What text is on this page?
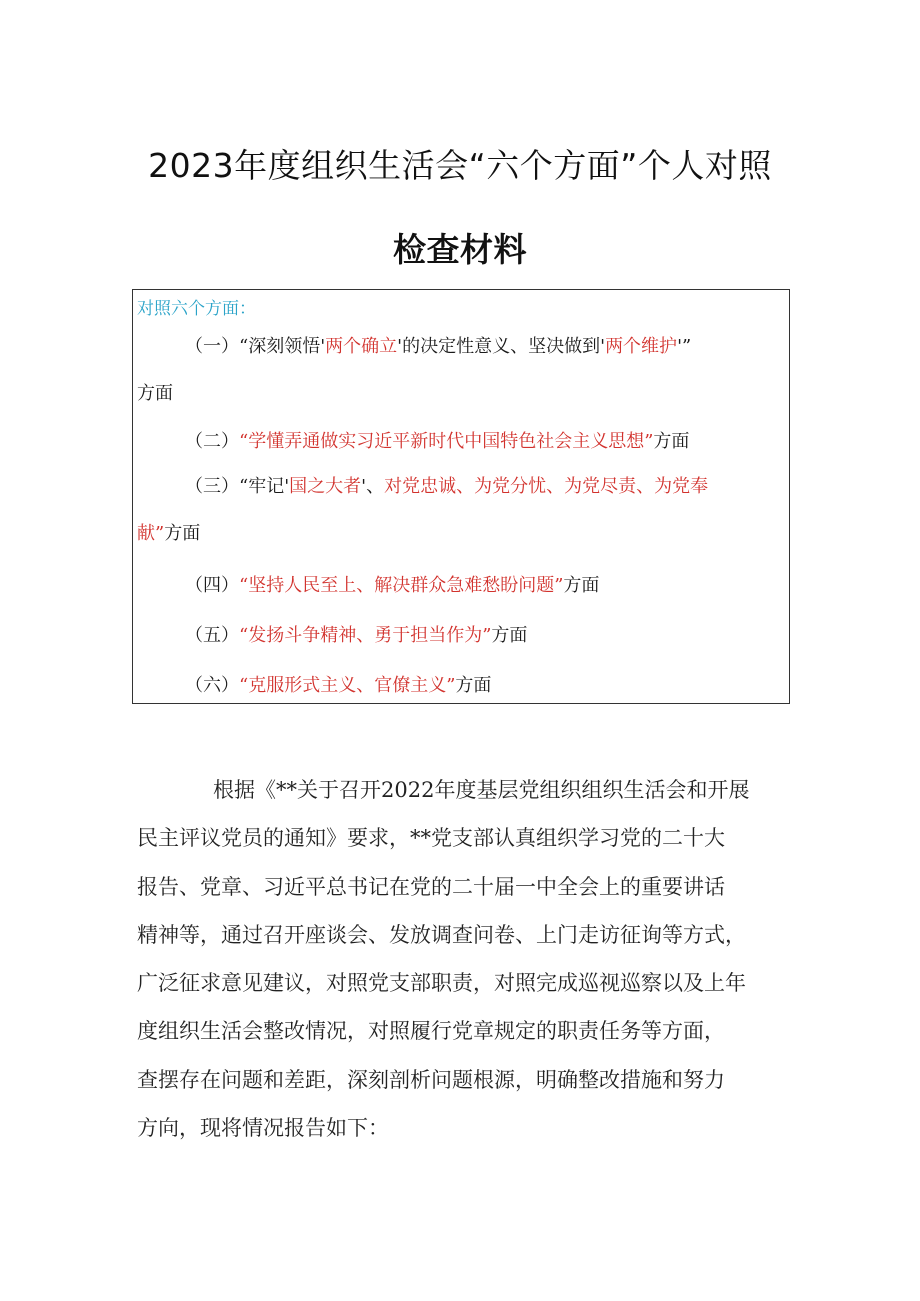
2023年度组织生活会“六个方面”个人对照
检查材料
对照六个方面：
（一）“深刻领悟'两个确立'的决定性意义、坚决做到'两个维护'”
方面
（二）“学懂弄通做实习近平新时代中国特色社会主义思想”方面
（三）“牢记'国之大者'、对党忠诚、为党分忧、为党尽责、为党奉
献”方面
（四）“坚持人民至上、解决群众急难愁盼问题”方面
（五）“发扬斗争精神、勇于担当作为”方面
（六）“克服形式主义、官僚主义”方面

根据《**关于召开2022年度基层党组织组织生活会和开展

民主评议党员的通知》要求，**党支部认真组织学习党的二十大

报告、党章、习近平总书记在党的二十届一中全会上的重要讲话

精神等，通过召开座谈会、发放调查问卷、上门走访征询等方式，

广泛征求意见建议，对照党支部职责，对照完成巡视巡察以及上年

度组织生活会整改情况，对照履行党章规定的职责任务等方面，

查摆存在问题和差距，深刻剖析问题根源，明确整改措施和努力

方向，现将情况报告如下：
